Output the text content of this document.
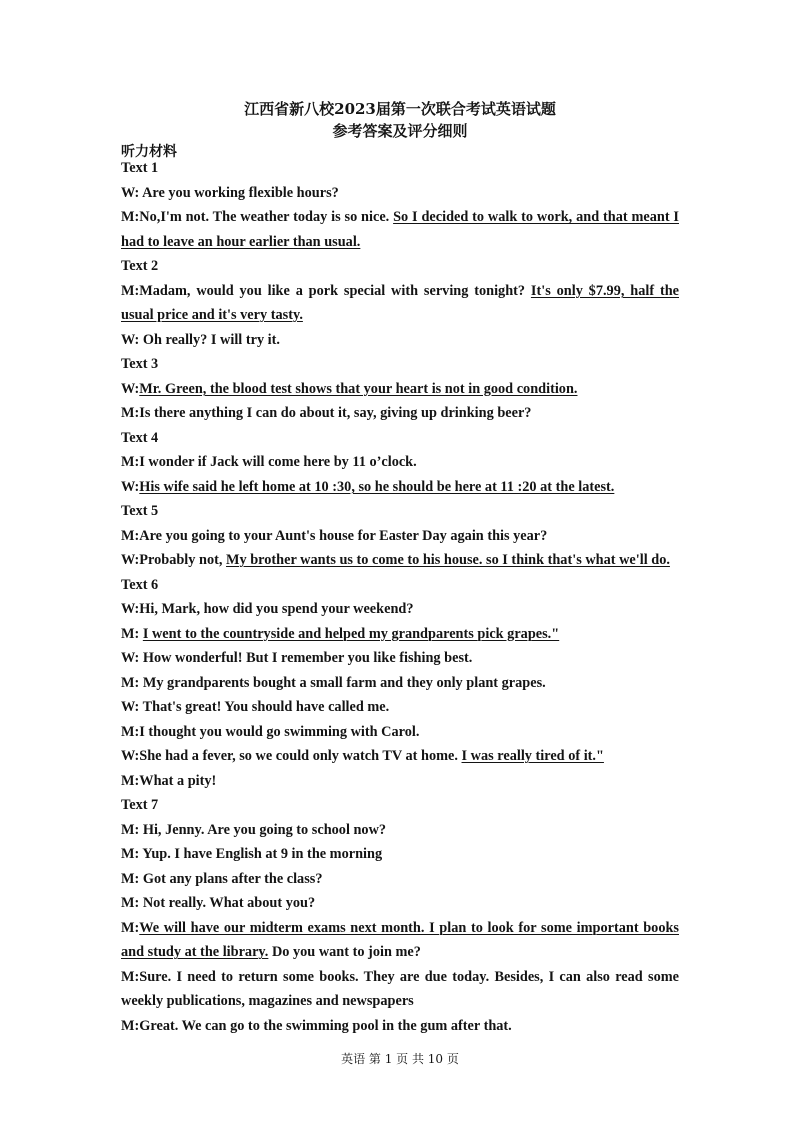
江西省新八校2023届第一次联合考试英语试题
参考答案及评分细则
听力材料
Text 1
W: Are you working flexible hours?
M:No,I'm not. The weather today is so nice. So I decided to walk to work, and that meant I had to leave an hour earlier than usual.
Text 2
M:Madam, would you like a pork special with serving tonight? It's only $7.99, half the usual price and it's very tasty.
W: Oh really? I will try it.
Text 3
W:Mr. Green, the blood test shows that your heart is not in good condition.
M:Is there anything I can do about it, say, giving up drinking beer?
Text 4
M:I wonder if Jack will come here by 11 o’clock.
W:His wife said he left home at 10 :30, so he should be here at 11 :20 at the latest.
Text 5
M:Are you going to your Aunt's house for Easter Day again this year?
W:Probably not, My brother wants us to come to his house. so I think that's what we'll do.
Text 6
W:Hi, Mark, how did you spend your weekend?
M: I went to the countryside and helped my grandparents pick grapes."
W: How wonderful! But I remember you like fishing best.
M: My grandparents bought a small farm and they only plant grapes.
W: That's great! You should have called me.
M:I thought you would go swimming with Carol.
W:She had a fever, so we could only watch TV at home. I was really tired of it."
M:What a pity!
Text 7
M: Hi, Jenny. Are you going to school now?
M: Yup. I have English at 9 in the morning
M: Got any plans after the class?
M: Not really. What about you?
M:We will have our midterm exams next month. I plan to look for some important books and study at the library. Do you want to join me?
M:Sure. I need to return some books. They are due today. Besides, I can also read some weekly publications, magazines and newspapers
M:Great. We can go to the swimming pool in the gum after that.
英语 第 1 页 共 10 页
